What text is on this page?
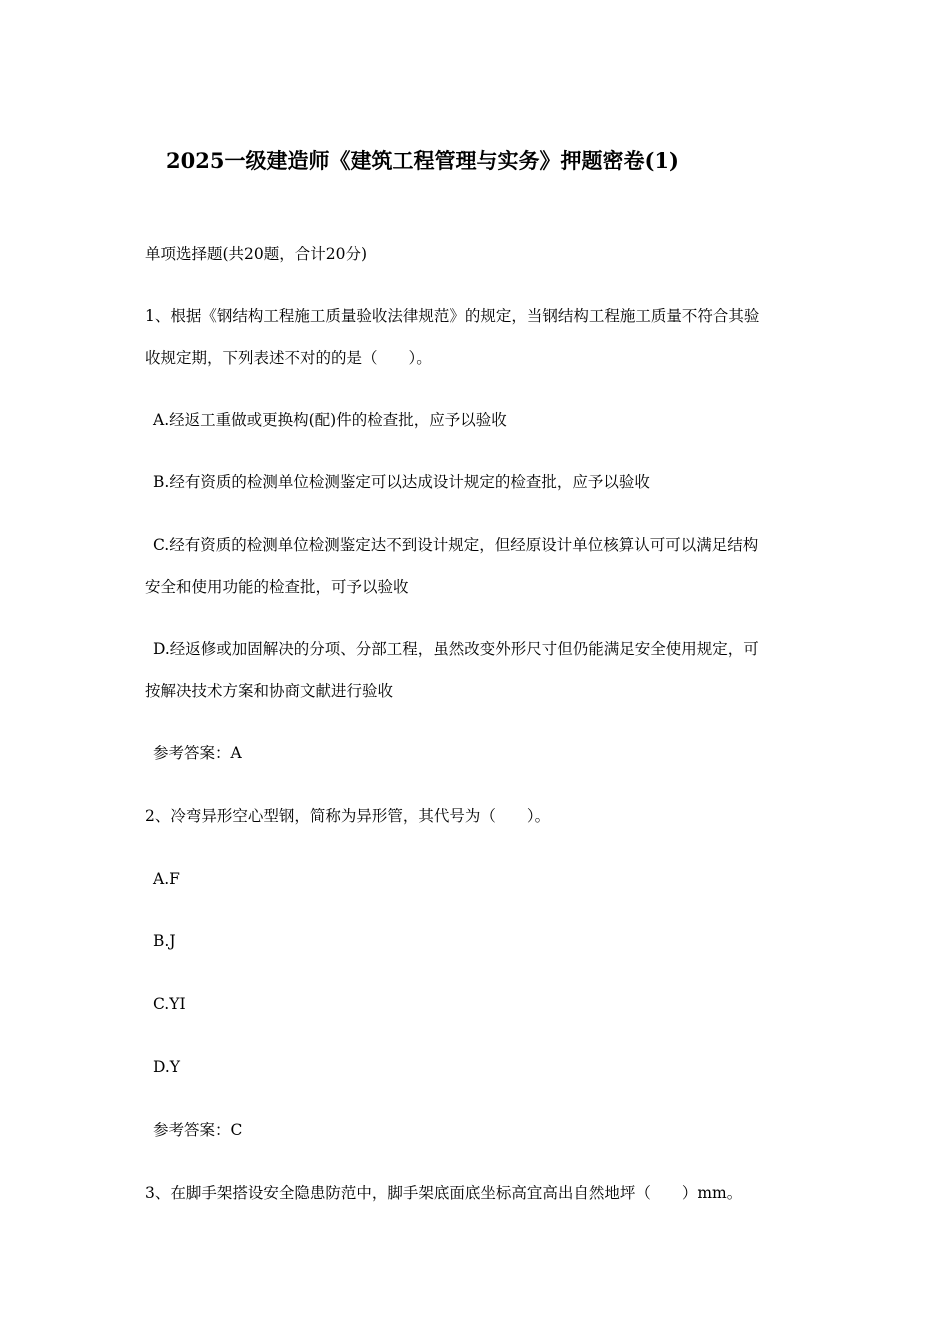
2025一级建造师《建筑工程管理与实务》押题密卷(1)
单项选择题(共20题，合计20分)
1、根据《钢结构工程施工质量验收法律规范》的规定，当钢结构工程施工质量不符合其验
收规定期，下列表述不对的的是（　　）。
A.经返工重做或更换构(配)件的检查批，应予以验收
B.经有资质的检测单位检测鉴定可以达成设计规定的检查批，应予以验收
C.经有资质的检测单位检测鉴定达不到设计规定，但经原设计单位核算认可可以满足结构
安全和使用功能的检查批，可予以验收
D.经返修或加固解决的分项、分部工程，虽然改变外形尺寸但仍能满足安全使用规定，可
按解决技术方案和协商文献进行验收
参考答案：A
2、冷弯异形空心型钢，简称为异形管，其代号为（　　）。
A.F
B.J
C.YI
D.Y
参考答案：C
3、在脚手架搭设安全隐患防范中，脚手架底面底坐标高宜高出自然地坪（　　）mm。
